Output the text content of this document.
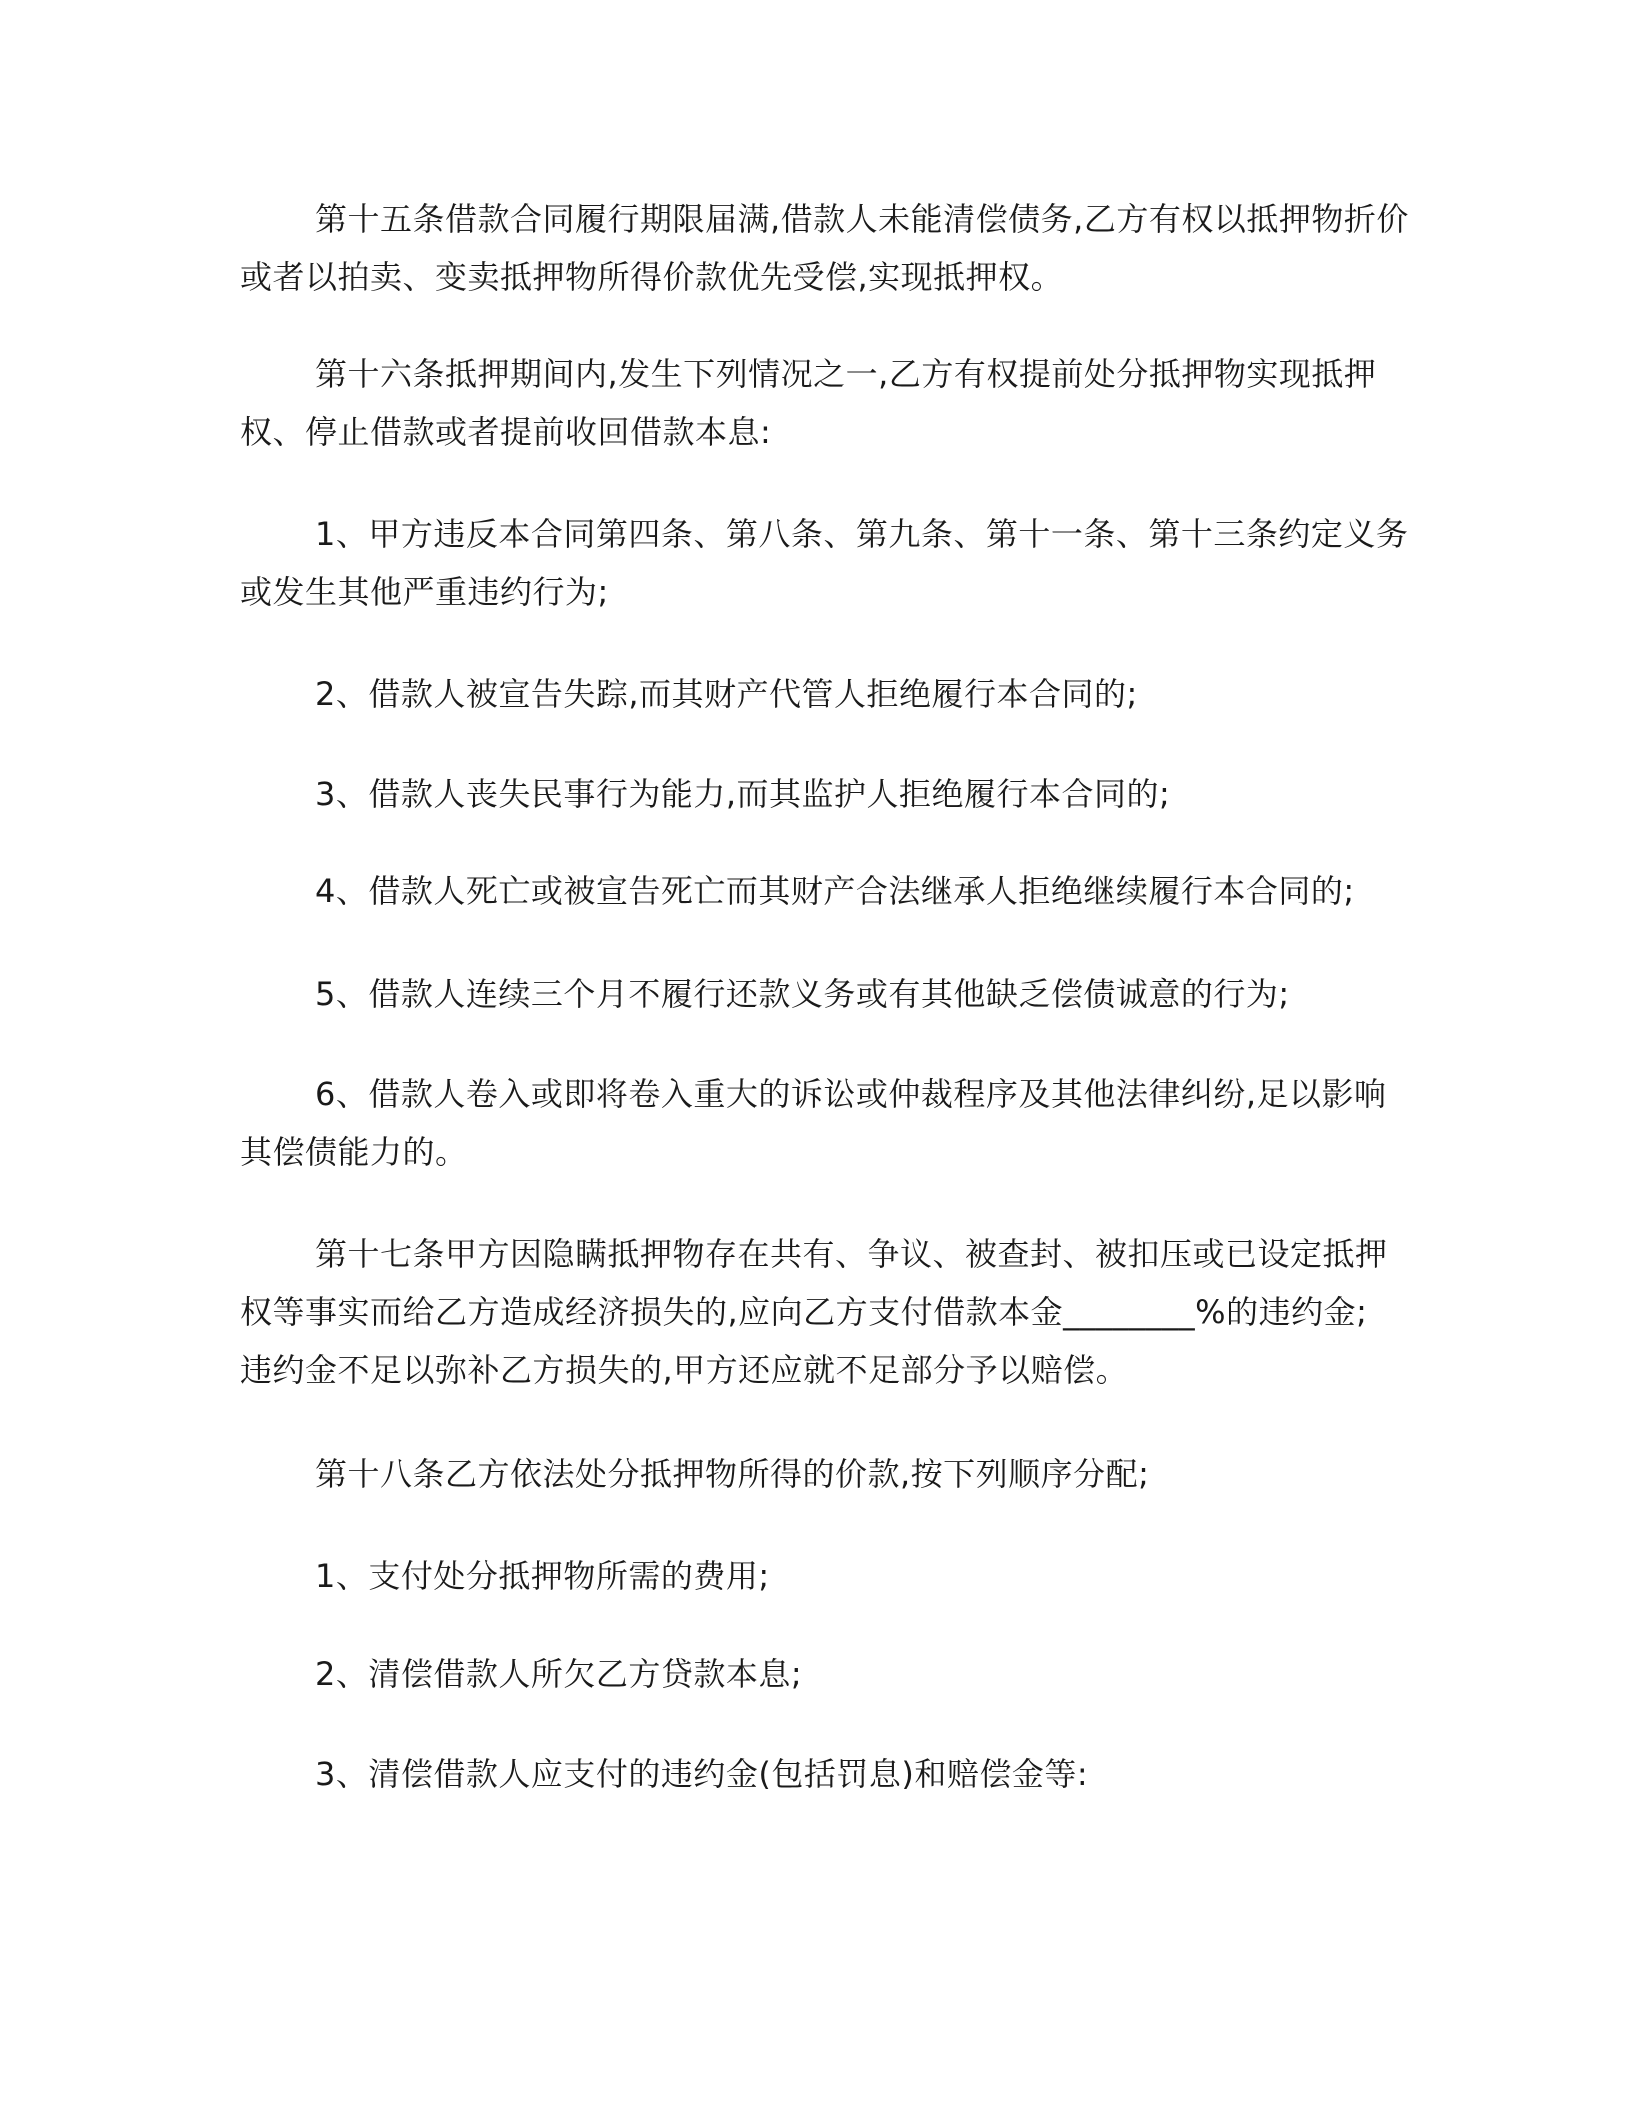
第十五条借款合同履行期限届满,借款人未能清偿债务,乙方有权以抵押物折价
或者以拍卖、变卖抵押物所得价款优先受偿,实现抵押权。
第十六条抵押期间内,发生下列情况之一,乙方有权提前处分抵押物实现抵押
权、停止借款或者提前收回借款本息:
1、甲方违反本合同第四条、第八条、第九条、第十一条、第十三条约定义务
或发生其他严重违约行为;
2、借款人被宣告失踪,而其财产代管人拒绝履行本合同的;
3、借款人丧失民事行为能力,而其监护人拒绝履行本合同的;
4、借款人死亡或被宣告死亡而其财产合法继承人拒绝继续履行本合同的;
5、借款人连续三个月不履行还款义务或有其他缺乏偿债诚意的行为;
6、借款人卷入或即将卷入重大的诉讼或仲裁程序及其他法律纠纷,足以影响
其偿债能力的。
第十七条甲方因隐瞒抵押物存在共有、争议、被查封、被扣压或已设定抵押
权等事实而给乙方造成经济损失的,应向乙方支付借款本金________%的违约金;
违约金不足以弥补乙方损失的,甲方还应就不足部分予以赔偿。
第十八条乙方依法处分抵押物所得的价款,按下列顺序分配;
1、支付处分抵押物所需的费用;
2、清偿借款人所欠乙方贷款本息;
3、清偿借款人应支付的违约金(包括罚息)和赔偿金等:
